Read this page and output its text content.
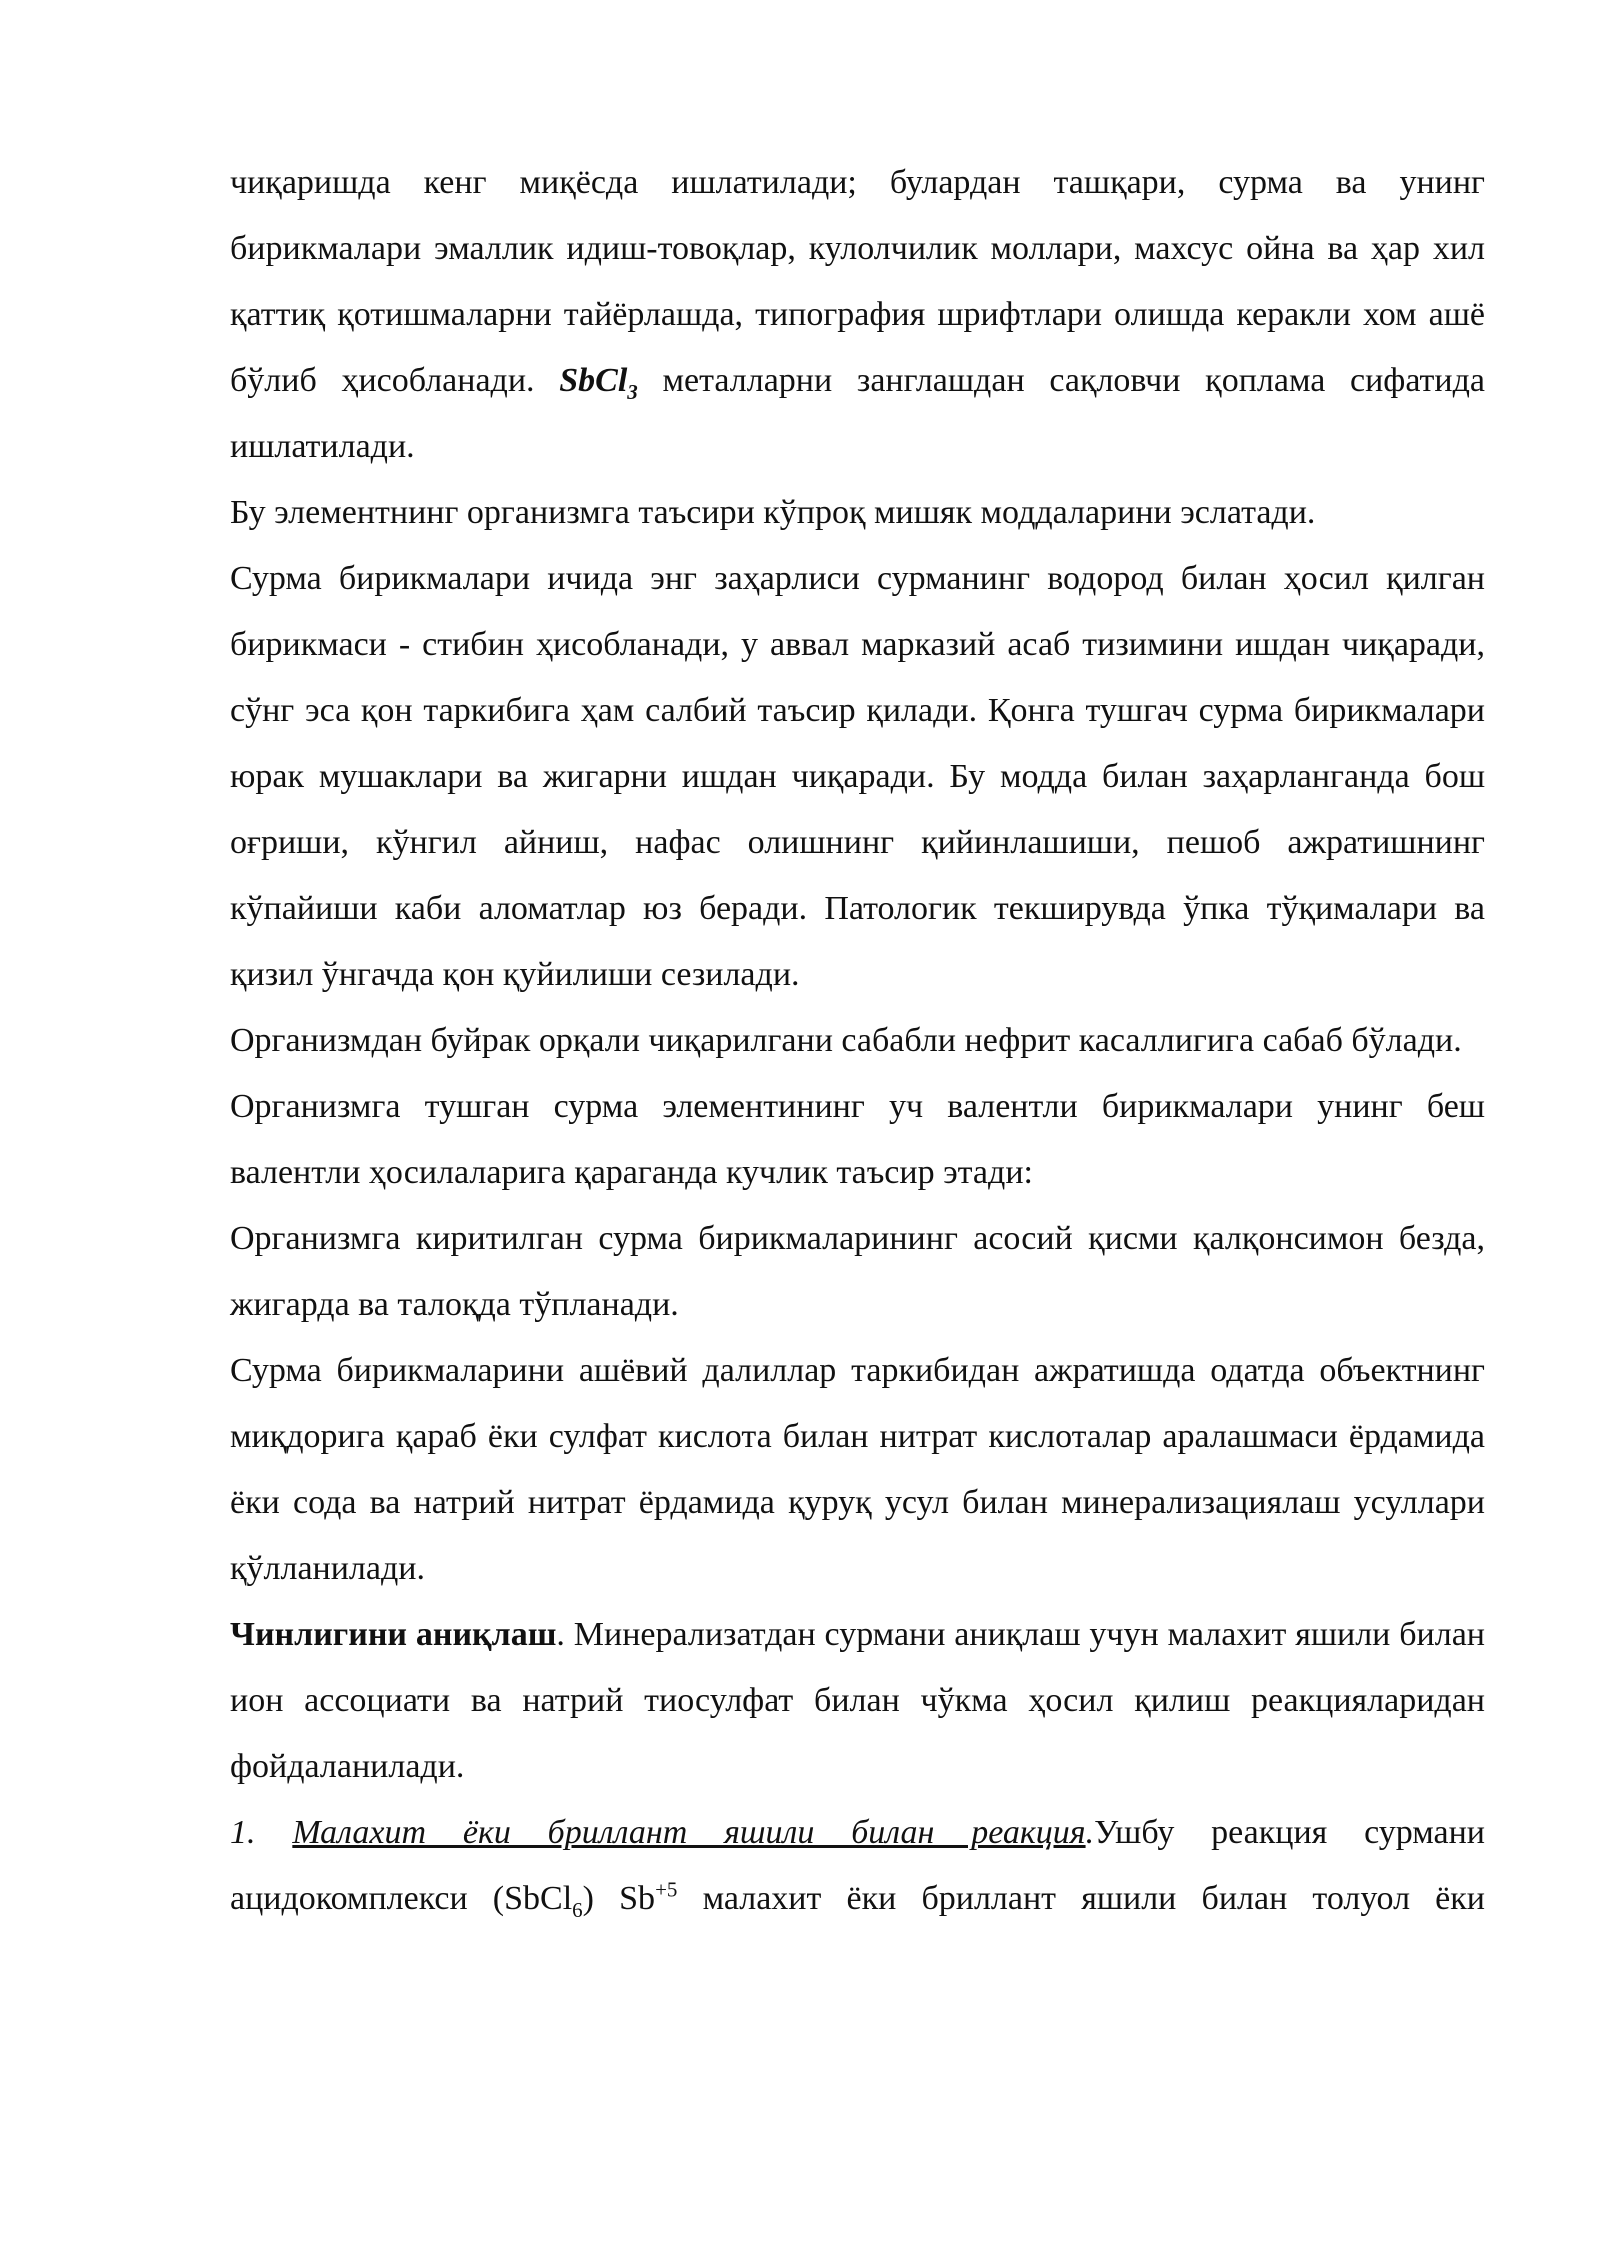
чиқаришда кенг миқёсда ишлатилади; булардан ташқари, сурма ва унинг бирикмалари эмаллик идиш-товоқлар, кулолчилик моллари, махсус ойна ва ҳар хил қаттиқ қотишмаларни тайёрлашда, типография шрифтлари олишда керакли хом ашё бўлиб ҳисобланади. SbCl$_3$ металларни занглашдан сақловчи қоплама сифатида ишлатилади.

Бу элементнинг организмга таъсири кўпроқ мишяк моддаларини эслатади.

Сурма бирикмалари ичида энг заҳарлиси сурманинг водород билан ҳосил қилган бирикмаси - стибин ҳисобланади, у аввал марказий асаб тизимини ишдан чиқаради, сўнг эса қон таркибига ҳам салбий таъсир қилади. Қонга тушгач сурма бирикмалари юрак мушаклари ва жигарни ишдан чиқаради. Бу модда билан заҳарланганда бош оғриши, кўнгил айниш, нафас олишнинг қийинлашиши, пешоб ажратишнинг кўпайиши каби аломатлар юз беради. Патологик текширувда ўпка тўқималари ва қизил ўнгачда қон қуйилиши сезилади.

Организмдан буйрак орқали чиқарилгани сабабли нефрит касаллигига сабаб бўлади.

Организмга тушган сурма элементининг уч валентли бирикмалари унинг беш валентли ҳосилаларига қараганда кучлик таъсир этади:

Организмга киритилган сурма бирикмаларининг асосий қисми қалқонсимон безда, жигарда ва талоқда тўпланади.

Сурма бирикмаларини ашёвий далиллар таркибидан ажратишда одатда объектнинг миқдорига қараб ёки сулфат кислота билан нитрат кислоталар аралашмаси ёрдамида ёки сода ва натрий нитрат ёрдамида қуруқ усул билан минерализациялаш усуллари қўлланилади.

Чинлигини аниқлаш. Минерализатдан сурмани аниқлаш учун малахит яшили билан ион ассоциати ва натрий тиосулфат билан чўкма ҳосил қилиш реакцияларидан фойдаланилади.

1. Малахит ёки бриллант яшили билан реакция.Ушбу реакция сурмани ацидокомплекси (SbCl$_6$) $Sb^{+5}$ малахит ёки бриллант яшили билан толуол ёки
